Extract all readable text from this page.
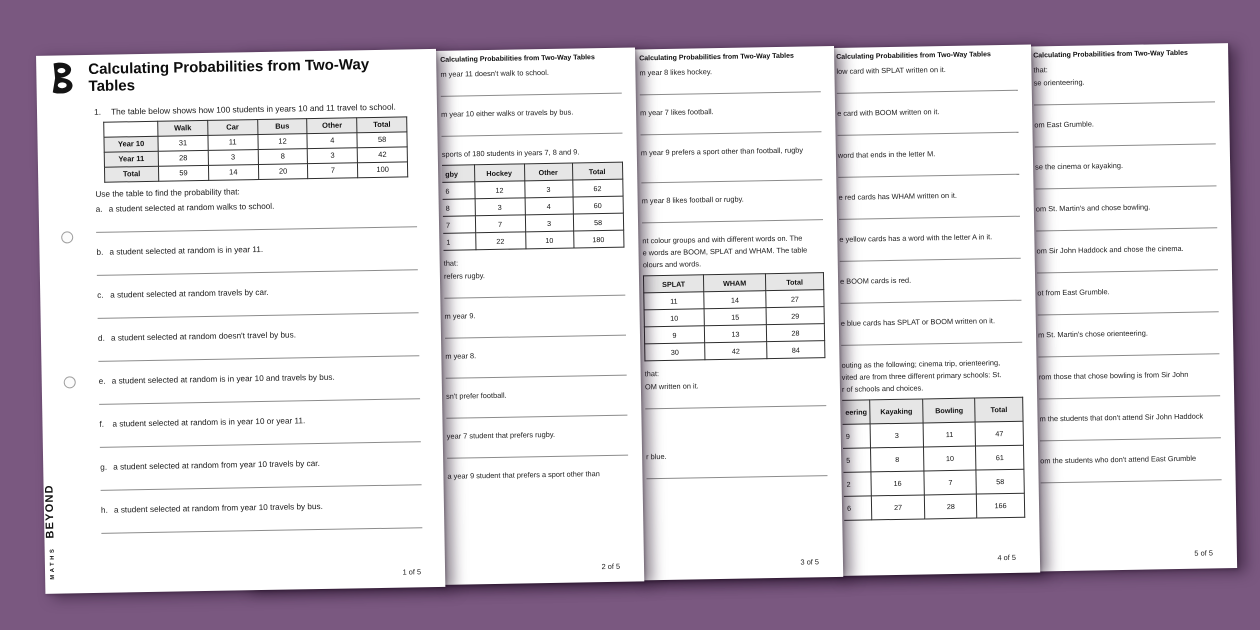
Calculating Probabilities from Two-Way Tables
that:
se orienteering.
om East Grumble.
se the cinema or kayaking.
om St. Martin's and chose bowling.
om Sir John Haddock and chose the cinema.
ot from East Grumble.
m St. Martin's chose orienteering.
rom those that chose bowling is from Sir John
m the students that don't attend Sir John Haddock
om the students who don't attend East Grumble
5 of 5
Calculating Probabilities from Two-Way Tables
low card with SPLAT written on it.
e card with BOOM written on it.
word that ends in the letter M.
e red cards has WHAM written on it.
e yellow cards has a word with the letter A in it.
e BOOM cards is red.
e blue cards has SPLAT or BOOM written on it.
outing as the following; cinema trip, orienteering,
vited are from three different primary schools: St.
r of schools and choices.
eering	Kayaking	Bowling	Total
9	3	11	47
5	8	10	61
2	16	7	58
6	27	28	166
4 of 5
Calculating Probabilities from Two-Way Tables
m year 8 likes hockey.
m year 7 likes football.
m year 9 prefers a sport other than football, rugby
m year 8 likes football or rugby.
nt colour groups and with different words on. The
e words are BOOM, SPLAT and WHAM. The table
olours and words.
SPLAT	WHAM	Total
11	14	27
10	15	29
9	13	28
30	42	84
that:
OM written on it.
r blue.
3 of 5
Calculating Probabilities from Two-Way Tables
m year 11 doesn't walk to school.
m year 10 either walks or travels by bus.
sports of 180 students in years 7, 8 and 9.
gby	Hockey	Other	Total
6	12	3	62
8	3	4	60
7	7	3	58
1	22	10	180
that:
refers rugby.
m year 9.
m year 8.
sn't prefer football.
year 7 student that prefers rugby.
a year 9 student that prefers a sport other than
2 of 5
MATHS
BEYOND
Calculating Probabilities from Two-Way Tables
1.	The table below shows how 100 students in years 10 and 11 travel to school.
	Walk	Car	Bus	Other	Total
Year 10	31	11	12	4	58
Year 11	28	3	8	3	42
Total	59	14	20	7	100
Use the table to find the probability that:
a. a student selected at random walks to school.
b. a student selected at random is in year 11.
c. a student selected at random travels by car.
d. a student selected at random doesn't travel by bus.
e. a student selected at random is in year 10 and travels by bus.
f.	a student selected at random is in year 10 or year 11.
g. a student selected at random from year 10 travels by car.
h. a student selected at random from year 10 travels by bus.
1 of 5
